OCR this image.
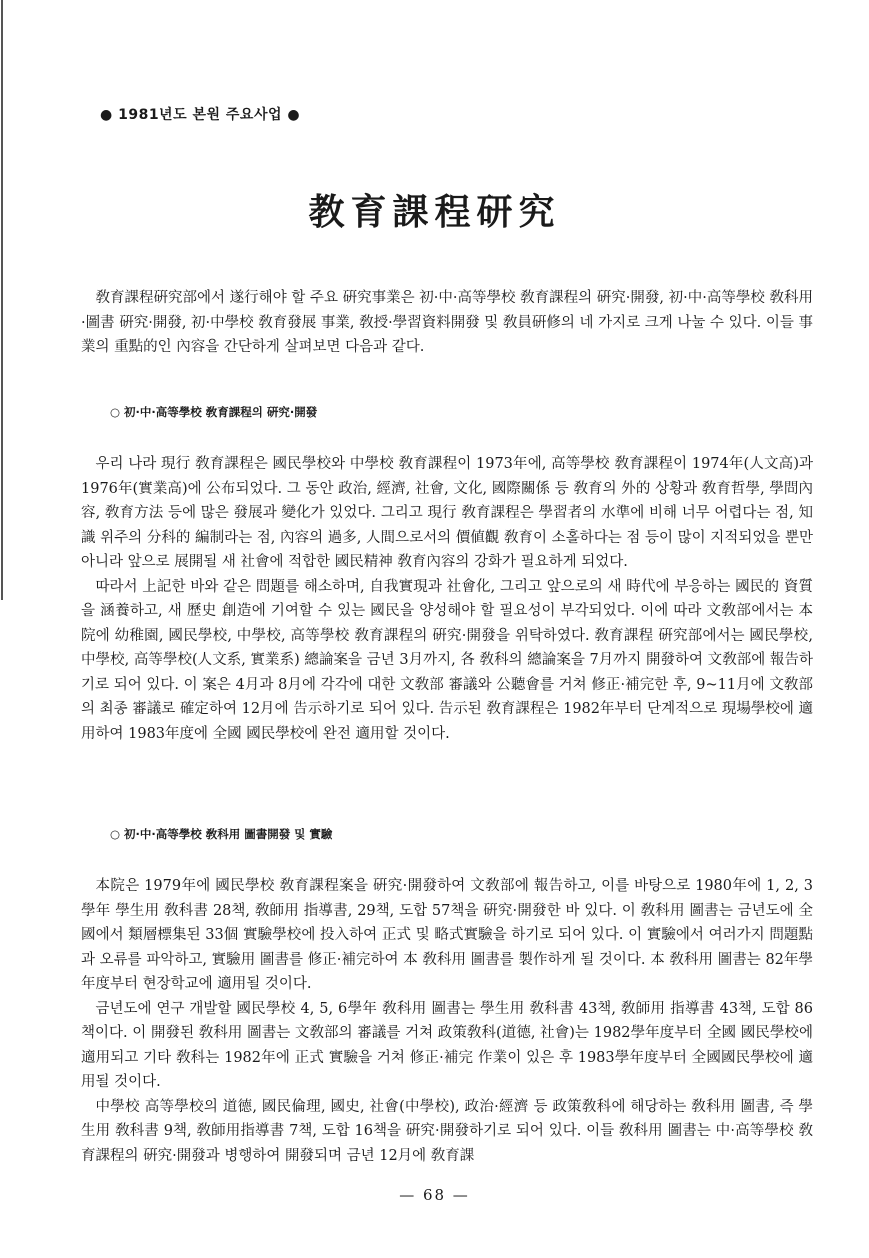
● 1981년도 본원 주요사업 ●
教育課程研究

敎育課程硏究部에서 遂行해야 할 주요 硏究事業은 初·中·高等學校 敎育課程의 硏究·開發, 初·中·高等學校 敎科用·圖書 硏究·開發, 初·中學校 敎育發展 事業, 敎授·學習資料開發 및 敎員硏修의 네 가지로 크게 나눌 수 있다. 이들 事業의 重點的인 內容을 간단하게 살펴보면 다음과 같다.

○ 初·中·高等學校 敎育課程의 硏究·開發

우리 나라 現行 敎育課程은 國民學校와 中學校 敎育課程이 1973年에, 高等學校 敎育課程이 1974年(人文高)과 1976年(實業高)에 公布되었다. 그 동안 政治, 經濟, 社會, 文化, 國際關係 등 敎育의 外的 상황과 敎育哲學, 學問內容, 敎育方法 등에 많은 發展과 變化가 있었다. 그리고 現行 敎育課程은 學習者의 水準에 비해 너무 어렵다는 점, 知識 위주의 分科的 編制라는 점, 內容의 過多, 人間으로서의 價値觀 敎育이 소홀하다는 점 등이 많이 지적되었을 뿐만 아니라 앞으로 展開될 새 社會에 적합한 國民精神 敎育內容의 강화가 필요하게 되었다.

따라서 上記한 바와 같은 問題를 해소하며, 自我實現과 社會化, 그리고 앞으로의 새 時代에 부응하는 國民的 資質을 涵養하고, 새 歷史 創造에 기여할 수 있는 國民을 양성해야 할 필요성이 부각되었다. 이에 따라 文敎部에서는 本院에 幼稚園, 國民學校, 中學校, 高等學校 敎育課程의 硏究·開發을 위탁하였다. 敎育課程 硏究部에서는 國民學校, 中學校, 高等學校(人文系, 實業系) 總論案을 금년 3月까지, 各 敎科의 總論案을 7月까지 開發하여 文敎部에 報告하기로 되어 있다. 이 案은 4月과 8月에 각각에 대한 文敎部 審議와 公聽會를 거쳐 修正·補完한 후, 9~11月에 文敎部의 최종 審議로 確定하여 12月에 告示하기로 되어 있다. 告示된 敎育課程은 1982年부터 단계적으로 現場學校에 適用하여 1983年度에 全國 國民學校에 완전 適用할 것이다.

○ 初·中·高等學校 敎科用 圖書開發 및 實驗

本院은 1979年에 國民學校 敎育課程案을 硏究·開發하여 文敎部에 報告하고, 이를 바탕으로 1980年에 1, 2, 3學年 學生用 敎科書 28책, 敎師用 指導書, 29책, 도합 57책을 硏究·開發한 바 있다. 이 敎科用 圖書는 금년도에 全國에서 類層標集된 33個 實驗學校에 投入하여 正式 및 略式實驗을 하기로 되어 있다. 이 實驗에서 여러가지 問題點과 오류를 파악하고, 實驗用 圖書를 修正·補完하여 本 敎科用 圖書를 製作하게 될 것이다. 本 敎科用 圖書는 82年學年度부터 현장학교에 適用될 것이다.

금년도에 연구 개발할 國民學校 4, 5, 6學年 敎科用 圖書는 學生用 敎科書 43책, 敎師用 指導書 43책, 도합 86책이다. 이 開發된 敎科用 圖書는 文敎部의 審議를 거쳐 政策敎科(道德, 社會)는 1982學年度부터 全國 國民學校에 適用되고 기타 敎科는 1982年에 正式 實驗을 거쳐 修正·補完 作業이 있은 후 1983學年度부터 全國國民學校에 適用될 것이다.

中學校 高等學校의 道德, 國民倫理, 國史, 社會(中學校), 政治·經濟 등 政策敎科에 해당하는 敎科用 圖書, 즉 學生用 敎科書 9책, 敎師用指導書 7책, 도합 16책을 硏究·開發하기로 되어 있다. 이들 敎科用 圖書는 中·高等學校 敎育課程의 硏究·開發과 병행하여 開發되며 금년 12月에 敎育課

— 68 —
